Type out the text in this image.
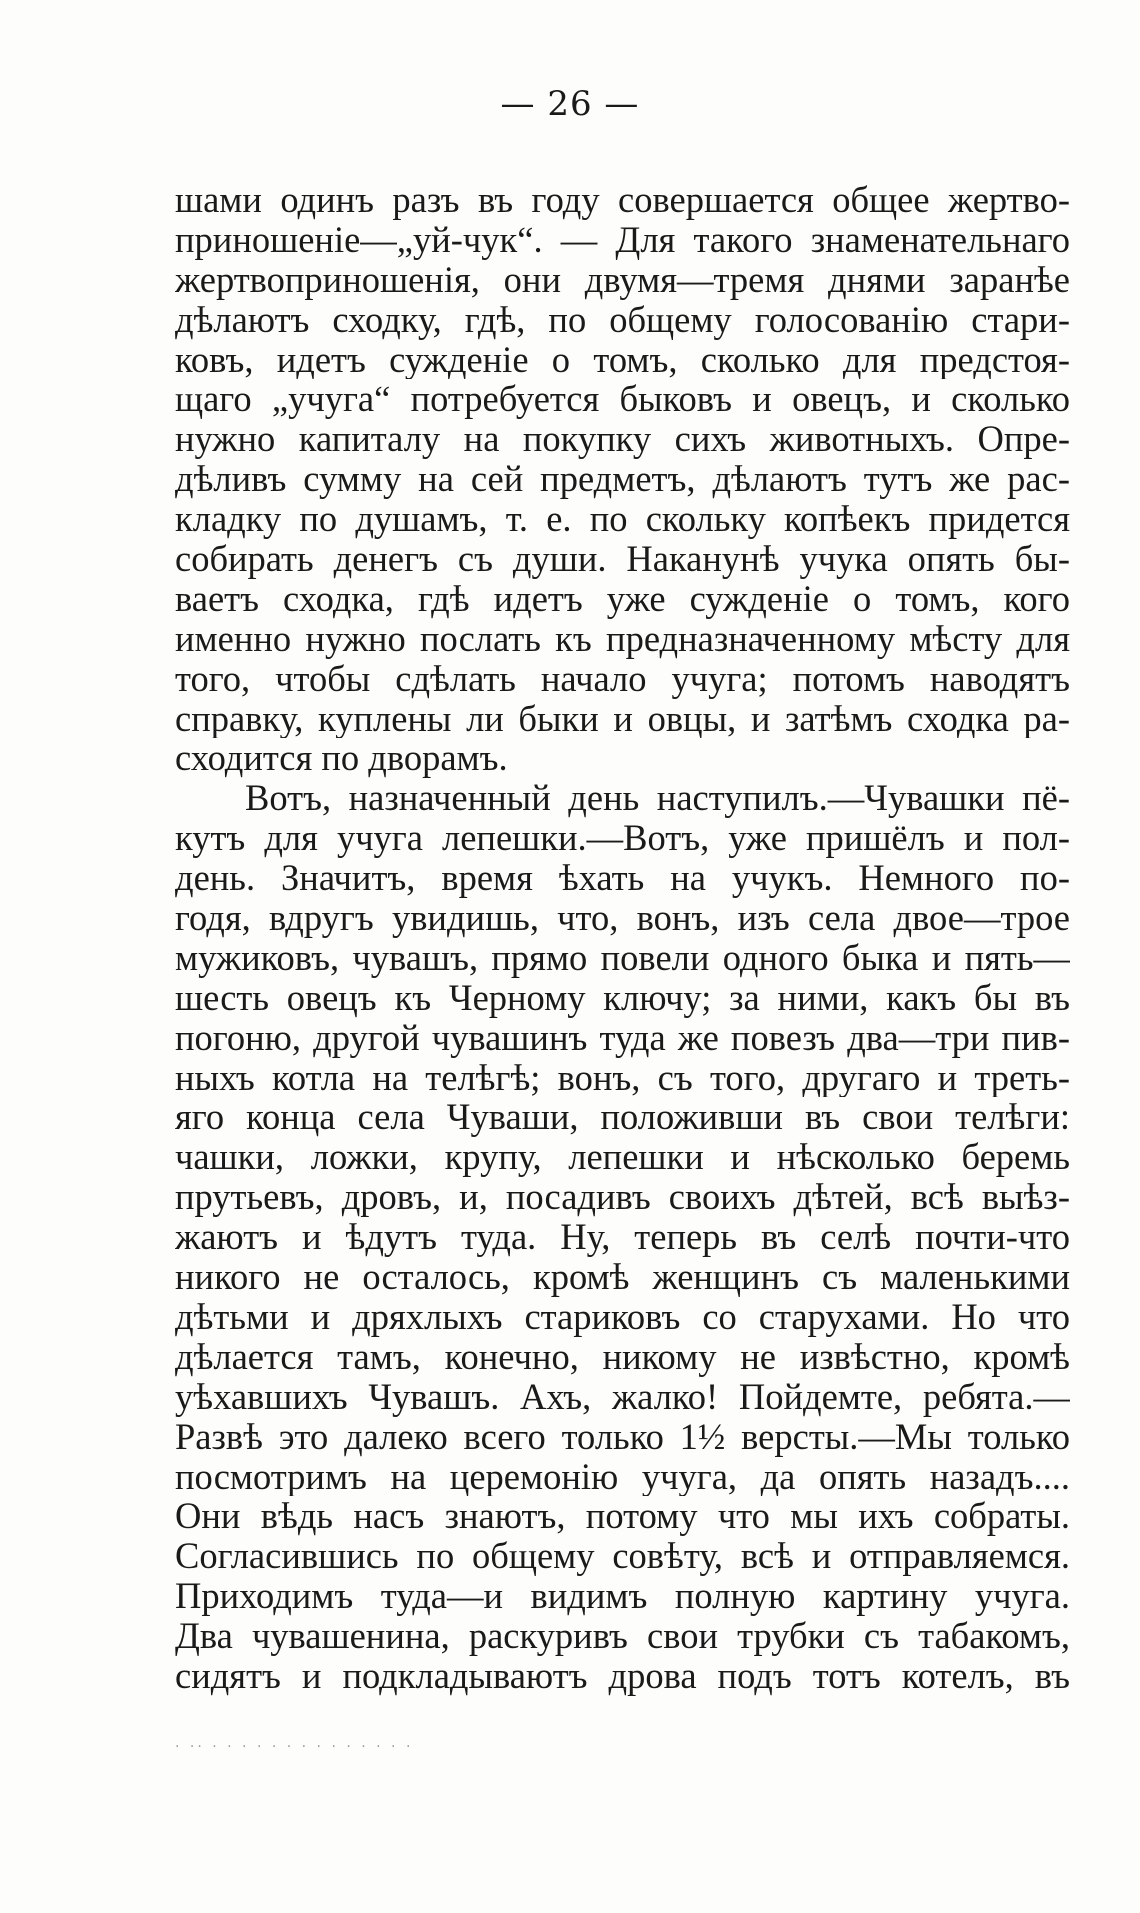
— 26 —
шами одинъ разъ въ году совершается общее жертво-
приношеніе—„уй-чук“. — Для такого знаменательнаго
жертвоприношенія, они двумя—тремя днями заранѣе
дѣлаютъ сходку, гдѣ, по общему голосованію стари-
ковъ, идетъ сужденіе о томъ, сколько для предстоя-
щаго „учуга“ потребуется быковъ и овецъ, и сколько
нужно капиталу на покупку сихъ животныхъ. Опре-
дѣливъ сумму на сей предметъ, дѣлаютъ тутъ же рас-
кладку по душамъ, т. е. по скольку копѣекъ придется
собирать денегъ съ души. Наканунѣ учука опять бы-
ваетъ сходка, гдѣ идетъ уже сужденіе о томъ, кого
именно нужно послать къ предназначенному мѣсту для
того, чтобы сдѣлать начало учуга; потомъ наводятъ
справку, куплены ли быки и овцы, и затѣмъ сходка ра-
сходится по дворамъ.
Вотъ, назначенный день наступилъ.—Чувашки пё-
кутъ для учуга лепешки.—Вотъ, уже пришёлъ и пол-
день. Значитъ, время ѣхать на учукъ. Немного по-
годя, вдругъ увидишь, что, вонъ, изъ села двое—трое
мужиковъ, чувашъ, прямо повели одного быка и пять—
шесть овецъ къ Черному ключу; за ними, какъ бы въ
погоню, другой чувашинъ туда же повезъ два—три пив-
ныхъ котла на телѣгѣ; вонъ, съ того, другаго и треть-
яго конца села Чуваши, положивши въ свои телѣги:
чашки, ложки, крупу, лепешки и нѣсколько беремь
прутьевъ, дровъ, и, посадивъ своихъ дѣтей, всѣ выѣз-
жаютъ и ѣдутъ туда. Ну, теперь въ селѣ почти-что
никого не осталось, кромѣ женщинъ съ маленькими
дѣтьми и дряхлыхъ стариковъ со старухами. Но что
дѣлается тамъ, конечно, никому не извѣстно, кромѣ
уѣхавшихъ Чувашъ. Ахъ, жалко! Пойдемте, ребята.—
Развѣ это далеко всего только 1½ версты.—Мы только
посмотримъ на церемонію учуга, да опять назадъ....
Они вѣдь насъ знаютъ, потому что мы ихъ собраты.
Согласившись по общему совѣту, всѣ и отправляемся.
Приходимъ туда—и видимъ полную картину учуга.
Два чувашенина, раскуривъ свои трубки съ табакомъ,
сидятъ и подкладываютъ дрова подъ тотъ котелъ, въ
. .. . . . . . . . . . . . . . .
